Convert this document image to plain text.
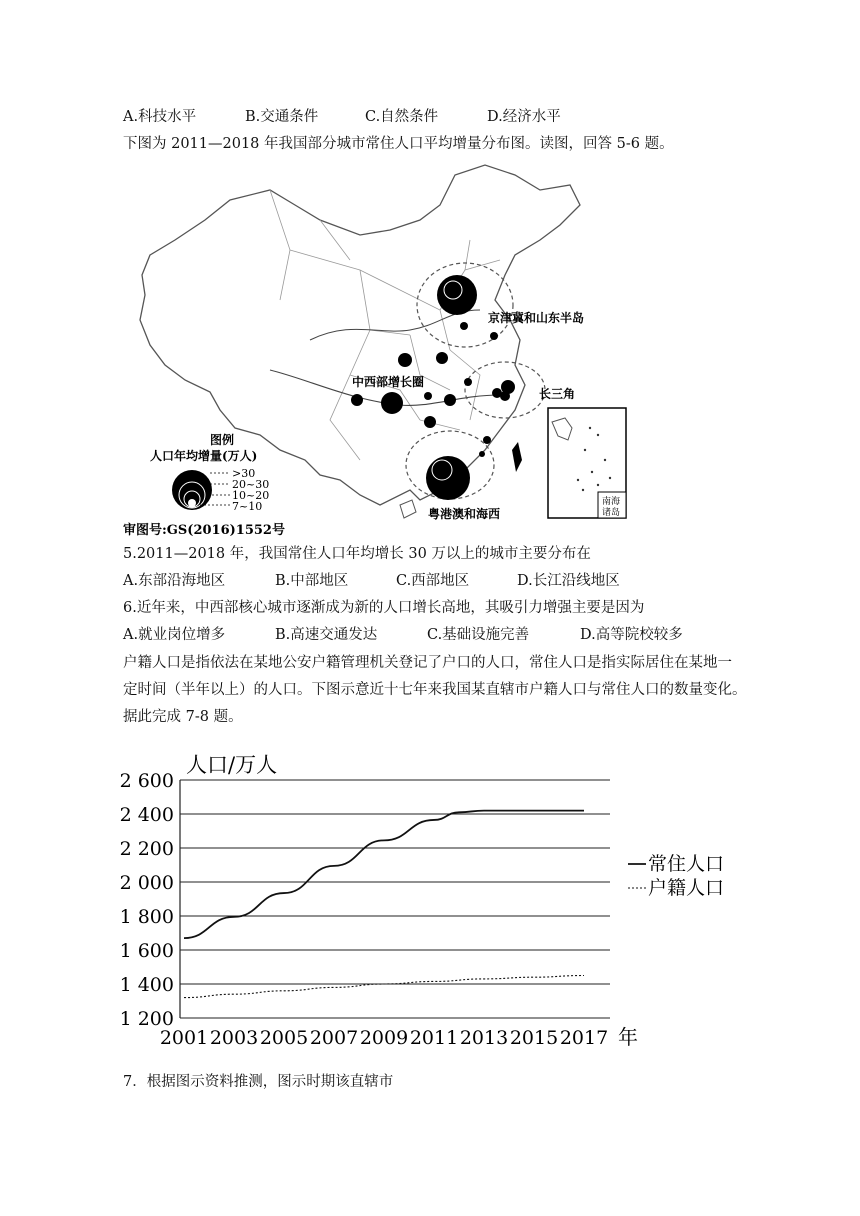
A.科技水平	B.交通条件	C.自然条件	D.经济水平
下图为 2011—2018 年我国部分城市常住人口平均增量分布图。读图，回答 5-6 题。
京津冀和山东半岛
中西部增长圈
长三角
粤港澳和海西
图例
人口年均增量(万人)
>30
20~30
10~20
7~10	南海
诸岛
审图号:GS(2016)1552号
5.2011—2018 年，我国常住人口年均增长 30 万以上的城市主要分布在
A.东部沿海地区	B.中部地区	C.西部地区	D.长江沿线地区
6.近年来，中西部核心城市逐渐成为新的人口增长高地，其吸引力增强主要是因为
A.就业岗位增多	B.高速交通发达	C.基础设施完善	D.高等院校较多
户籍人口是指依法在某地公安户籍管理机关登记了户口的人口，常住人口是指实际居住在某地一
定时间（半年以上）的人口。下图示意近十七年来我国某直辖市户籍人口与常住人口的数量变化。
据此完成 7-8 题。
2 600
2 400
2 200
2 000
1 800
1 600
1 400
1 200
2001 2003 2005 2007 2009 2011 2013 2015 2017 年
人口/万人
常住人口
户籍人口
7．根据图示资料推测，图示时期该直辖市
